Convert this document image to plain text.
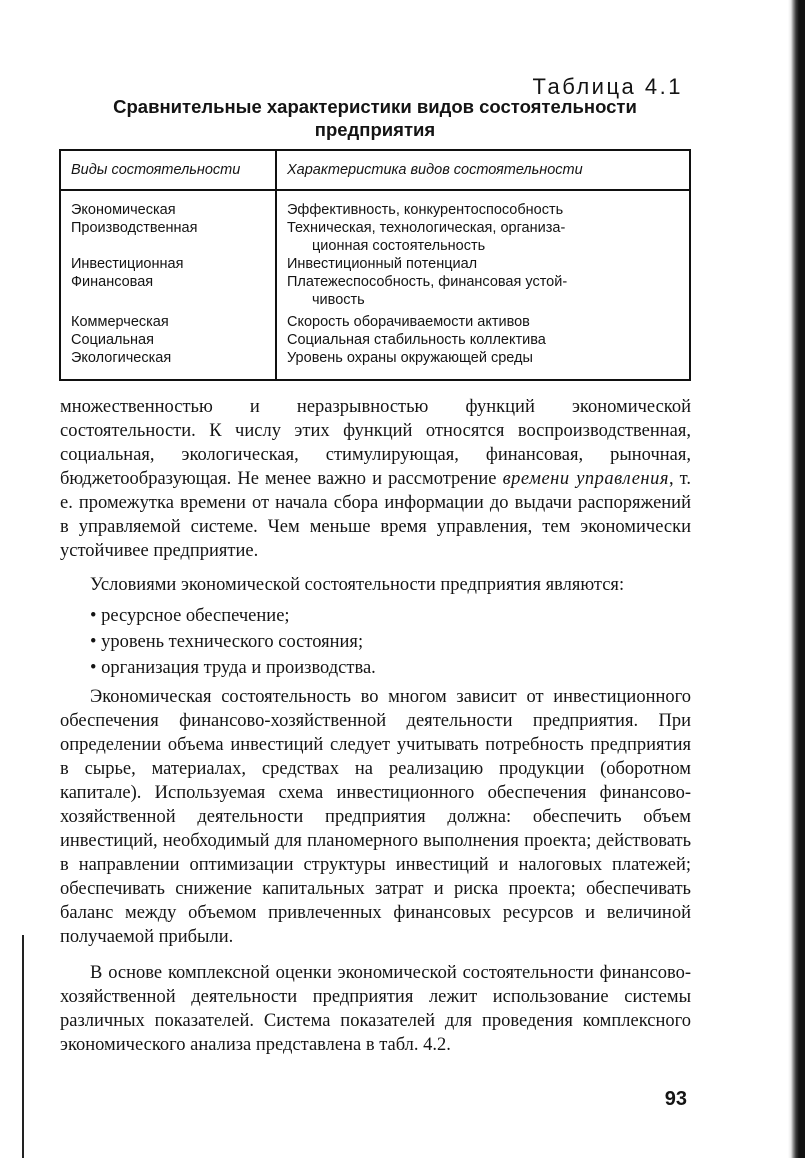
Таблица 4.1
Сравнительные характеристики видов состоятельности
предприятия
Виды состоятельности	Характеристика видов состоятельности
Экономическая	Эффективность, конкурентоспособность
Производственная	Техническая, технологическая, организа-
ционная состоятельность
Инвестиционная	Инвестиционный потенциал
Финансовая	Платежеспособность, финансовая устой-
чивость
Коммерческая	Скорость оборачиваемости активов
Социальная	Социальная стабильность коллектива
Экологическая	Уровень охраны окружающей среды

множественностью и неразрывностью функций экономической состоятельности. К числу этих функций относятся воспроизводственная, социальная, экологическая, стимулирующая, финансовая, рыночная, бюджетообразующая. Не менее важно и рассмотрение времени управления, т. е. промежутка времени от начала сбора информации до выдачи распоряжений в управляемой системе. Чем меньше время управления, тем экономически устойчивее предприятие.

Условиями экономической состоятельности предприятия являются:

• ресурсное обеспечение;
• уровень технического состояния;
• организация труда и производства.

Экономическая состоятельность во многом зависит от инвестиционного обеспечения финансово-хозяйственной деятельности предприятия. При определении объема инвестиций следует учитывать потребность предприятия в сырье, материалах, средствах на реализацию продукции (оборотном капитале). Используемая схема инвестиционного обеспечения финансово-хозяйственной деятельности предприятия должна: обеспечить объем инвестиций, необходимый для планомерного выполнения проекта; действовать в направлении оптимизации структуры инвестиций и налоговых платежей; обеспечивать снижение капитальных затрат и риска проекта; обеспечивать баланс между объемом привлеченных финансовых ресурсов и величиной получаемой прибыли.

В основе комплексной оценки экономической состоятельности финансово-хозяйственной деятельности предприятия лежит использование системы различных показателей. Система показателей для проведения комплексного экономического анализа представлена в табл. 4.2.

93
